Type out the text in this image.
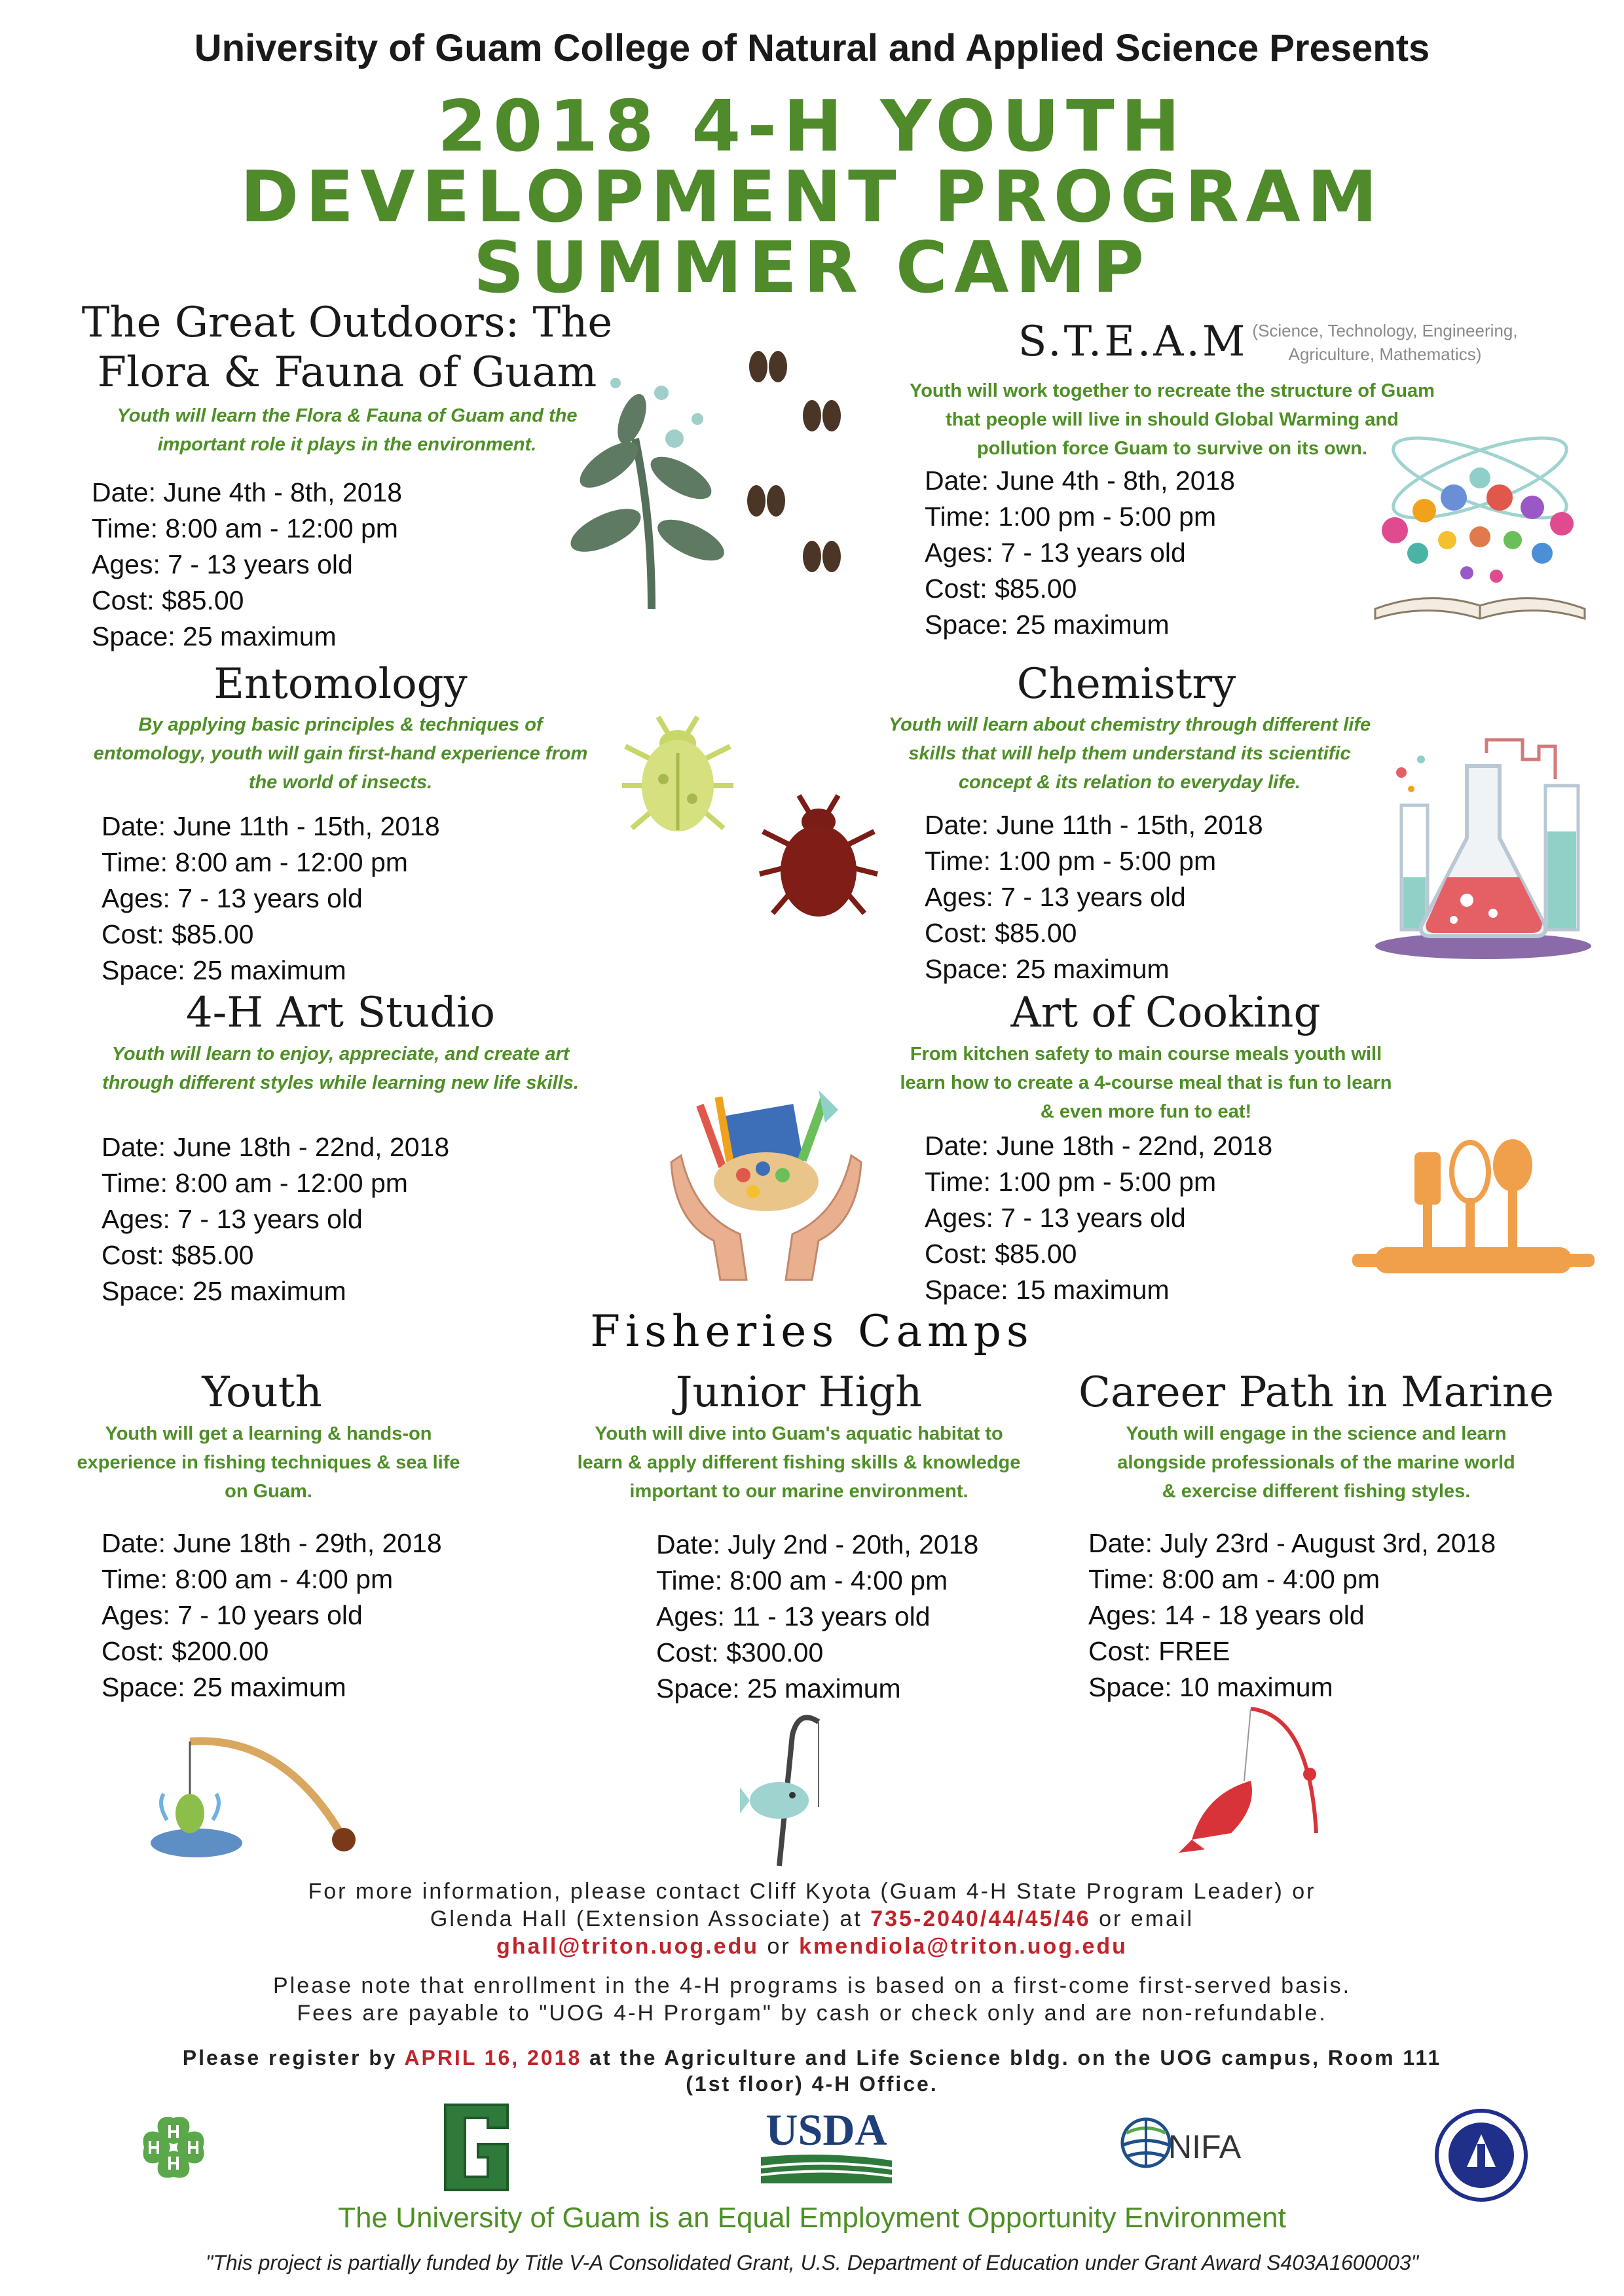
University of Guam College of Natural and Applied Science Presents
2018 4-H YOUTH
DEVELOPMENT PROGRAM
SUMMER CAMP
The Great Outdoors: The
Flora & Fauna of Guam
Youth will learn the Flora & Fauna of Guam and the
important role it plays in the environment.
Date: June 4th - 8th, 2018
Time: 8:00 am - 12:00 pm
Ages: 7 - 13 years old
Cost: $85.00
Space: 25 maximum
S.T.E.A.M (Science, Technology, Engineering,
Agriculture, Mathematics)
Youth will work together to recreate the structure of Guam
that people will live in should Global Warming and
pollution force Guam to survive on its own.
Date: June 4th - 8th, 2018
Time: 1:00 pm - 5:00 pm
Ages: 7 - 13 years old
Cost: $85.00
Space: 25 maximum
Entomology
By applying basic principles & techniques of
entomology, youth will gain first-hand experience from
the world of insects.
Date: June 11th - 15th, 2018
Time: 8:00 am - 12:00 pm
Ages: 7 - 13 years old
Cost: $85.00
Space: 25 maximum
Chemistry
Youth will learn about chemistry through different life
skills that will help them understand its scientific
concept & its relation to everyday life.
Date: June 11th - 15th, 2018
Time: 1:00 pm - 5:00 pm
Ages: 7 - 13 years old
Cost: $85.00
Space: 25 maximum
4-H Art Studio
Youth will learn to enjoy, appreciate, and create art
through different styles while learning new life skills.
Date: June 18th - 22nd, 2018
Time: 8:00 am - 12:00 pm
Ages: 7 - 13 years old
Cost: $85.00
Space: 25 maximum
Art of Cooking
From kitchen safety to main course meals youth will
learn how to create a 4-course meal that is fun to learn
& even more fun to eat!
Date: June 18th - 22nd, 2018
Time: 1:00 pm - 5:00 pm
Ages: 7 - 13 years old
Cost: $85.00
Space: 15 maximum
Fisheries Camps
Youth
Youth will get a learning & hands-on
experience in fishing techniques & sea life
on Guam.
Date: June 18th - 29th, 2018
Time: 8:00 am - 4:00 pm
Ages: 7 - 10 years old
Cost: $200.00
Space: 25 maximum
Junior High
Youth will dive into Guam's aquatic habitat to
learn & apply different fishing skills & knowledge
important to our marine environment.
Date: July 2nd - 20th, 2018
Time: 8:00 am - 4:00 pm
Ages: 11 - 13 years old
Cost: $300.00
Space: 25 maximum
Career Path in Marine
Youth will engage in the science and learn
alongside professionals of the marine world
& exercise different fishing styles.
Date: July 23rd - August 3rd, 2018
Time: 8:00 am - 4:00 pm
Ages: 14 - 18 years old
Cost: FREE
Space: 10 maximum
For more information, please contact Cliff Kyota (Guam 4-H State Program Leader) or
Glenda Hall (Extension Associate) at 735-2040/44/45/46 or email
ghall@triton.uog.edu or kmendiola@triton.uog.edu
Please note that enrollment in the 4-H programs is based on a first-come first-served basis.
Fees are payable to "UOG 4-H Prorgam" by cash or check only and are non-refundable.
Please register by APRIL 16, 2018 at the Agriculture and Life Science bldg. on the UOG campus, Room 111
(1st floor) 4-H Office.
USDA	NIFA
The University of Guam is an Equal Employment Opportunity Environment
"This project is partially funded by Title V-A Consolidated Grant, U.S. Department of Education under Grant Award S403A1600003"
